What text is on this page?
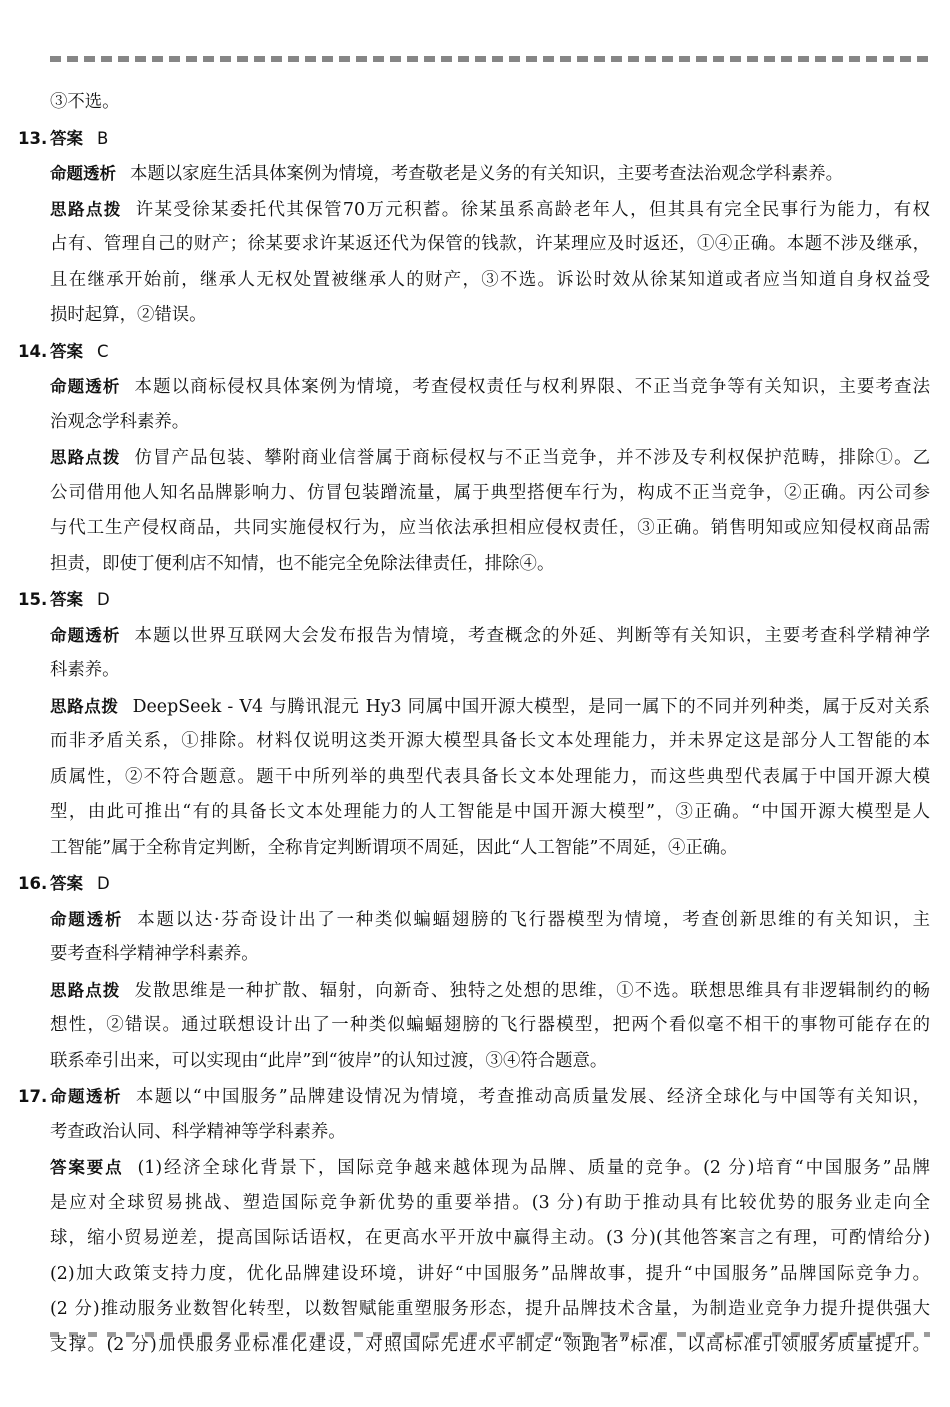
③不选。
13. 答案 B
命题透析 本题以家庭生活具体案例为情境，考查敬老是义务的有关知识，主要考查法治观念学科素养。
思路点拨 许某受徐某委托代其保管70万元积蓄。徐某虽系高龄老年人，但其具有完全民事行为能力，有权
占有、管理自己的财产；徐某要求许某返还代为保管的钱款，许某理应及时返还，①④正确。本题不涉及继承，
且在继承开始前，继承人无权处置被继承人的财产，③不选。诉讼时效从徐某知道或者应当知道自身权益受
损时起算，②错误。
14. 答案 C
命题透析 本题以商标侵权具体案例为情境，考查侵权责任与权利界限、不正当竞争等有关知识，主要考查法
治观念学科素养。
思路点拨 仿冒产品包装、攀附商业信誉属于商标侵权与不正当竞争，并不涉及专利权保护范畴，排除①。乙
公司借用他人知名品牌影响力、仿冒包装蹭流量，属于典型搭便车行为，构成不正当竞争，②正确。丙公司参
与代工生产侵权商品，共同实施侵权行为，应当依法承担相应侵权责任，③正确。销售明知或应知侵权商品需
担责，即使丁便利店不知情，也不能完全免除法律责任，排除④。
15. 答案 D
命题透析 本题以世界互联网大会发布报告为情境，考查概念的外延、判断等有关知识，主要考查科学精神学
科素养。
思路点拨 DeepSeek - V4 与腾讯混元 Hy3 同属中国开源大模型，是同一属下的不同并列种类，属于反对关系
而非矛盾关系，①排除。材料仅说明这类开源大模型具备长文本处理能力，并未界定这是部分人工智能的本
质属性，②不符合题意。题干中所列举的典型代表具备长文本处理能力，而这些典型代表属于中国开源大模
型，由此可推出“有的具备长文本处理能力的人工智能是中国开源大模型”，③正确。“中国开源大模型是人
工智能”属于全称肯定判断，全称肯定判断谓项不周延，因此“人工智能”不周延，④正确。
16. 答案 D
命题透析 本题以达·芬奇设计出了一种类似蝙蝠翅膀的飞行器模型为情境，考查创新思维的有关知识，主
要考查科学精神学科素养。
思路点拨 发散思维是一种扩散、辐射，向新奇、独特之处想的思维，①不选。联想思维具有非逻辑制约的畅
想性，②错误。通过联想设计出了一种类似蝙蝠翅膀的飞行器模型，把两个看似毫不相干的事物可能存在的
联系牵引出来，可以实现由“此岸”到“彼岸”的认知过渡，③④符合题意。
17. 命题透析 本题以“中国服务”品牌建设情况为情境，考查推动高质量发展、经济全球化与中国等有关知识，
考查政治认同、科学精神等学科素养。
答案要点 (1)经济全球化背景下，国际竞争越来越体现为品牌、质量的竞争。(2 分)培育“中国服务”品牌
是应对全球贸易挑战、塑造国际竞争新优势的重要举措。(3 分)有助于推动具有比较优势的服务业走向全
球，缩小贸易逆差，提高国际话语权，在更高水平开放中赢得主动。(3 分)(其他答案言之有理，可酌情给分)
(2)加大政策支持力度，优化品牌建设环境，讲好“中国服务”品牌故事，提升“中国服务”品牌国际竞争力。
(2 分)推动服务业数智化转型，以数智赋能重塑服务形态，提升品牌技术含量，为制造业竞争力提升提供强大
支撑。(2 分)加快服务业标准化建设，对照国际先进水平制定“领跑者”标准，以高标准引领服务质量提升。
